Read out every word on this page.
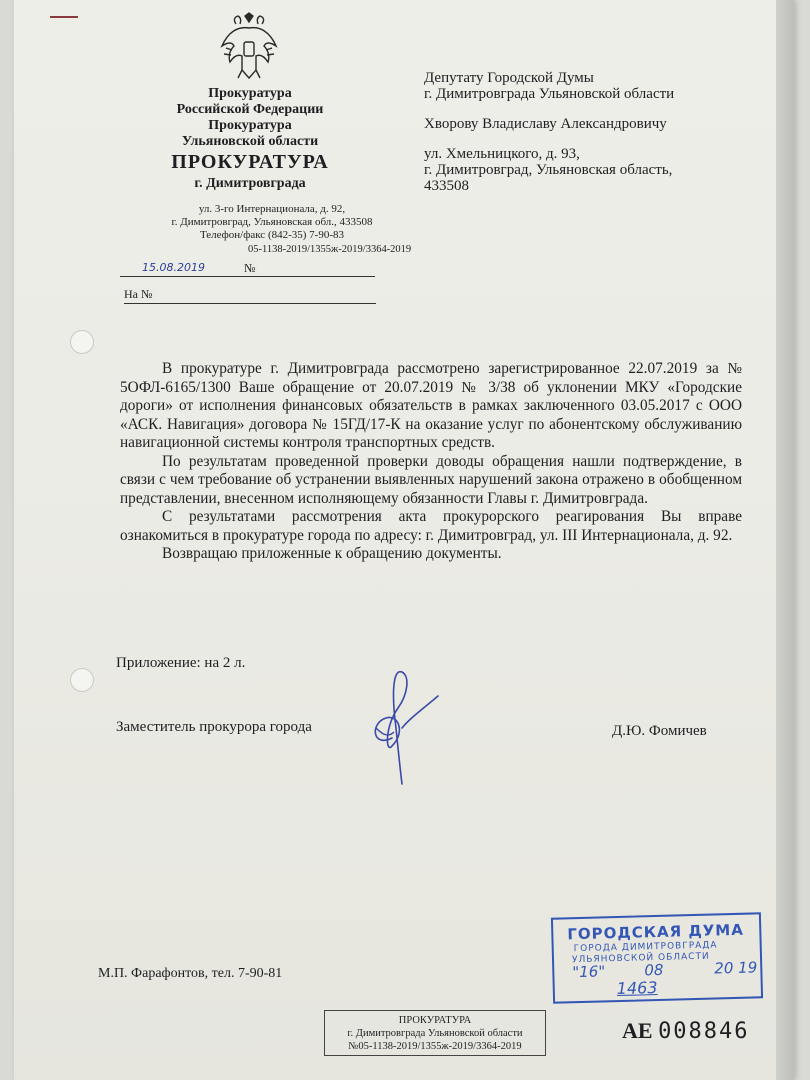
Прокуратура
Российской Федерации
Прокуратура
Ульяновской области
ПРОКУРАТУРА
г. Димитровграда
ул. 3-го Интернационала, д. 92,
г. Димитровград, Ульяновская обл., 433508
Телефон/факс (842-35) 7-90-83
05-1138-2019/1355ж-2019/3364-2019
15.08.2019	№
На №
Депутату Городской Думы
г. Димитровграда Ульяновской области
Хворову Владиславу Александровичу
ул. Хмельницкого, д. 93,
г. Димитровград, Ульяновская область,
433508

В прокуратуре г. Димитровграда рассмотрено зарегистрированное 22.07.2019 за № 5ОФЛ-6165/1300 Ваше обращение от 20.07.2019 № 3/38 об уклонении МКУ «Городские дороги» от исполнения финансовых обязательств в рамках заключенного 03.05.2017 с ООО «АСК. Навигация» договора № 15ГД/17-К на оказание услуг по абонентскому обслуживанию навигационной системы контроля транспортных средств.

По результатам проведенной проверки доводы обращения нашли подтверждение, в связи с чем требование об устранении выявленных нарушений закона отражено в обобщенном представлении, внесенном исполняющему обязанности Главы г. Димитровграда.

С результатами рассмотрения акта прокурорского реагирования Вы вправе ознакомиться в прокуратуре города по адресу: г. Димитровград, ул. III Интернационала, д. 92.

Возвращаю приложенные к обращению документы.

Приложение: на 2 л.
Заместитель прокурора города	Д.Ю. Фомичев
М.П. Фарафонтов, тел. 7-90-81
ГОРОДСКАЯ ДУМА
ГОРОДА ДИМИТРОВГРАДА
УЛЬЯНОВСКОЙ ОБЛАСТИ
"16"	08	20 19
1463
ПРОКУРАТУРА
г. Димитровграда Ульяновской области
№05-1138-2019/1355ж-2019/3364-2019
АЕ 008846
